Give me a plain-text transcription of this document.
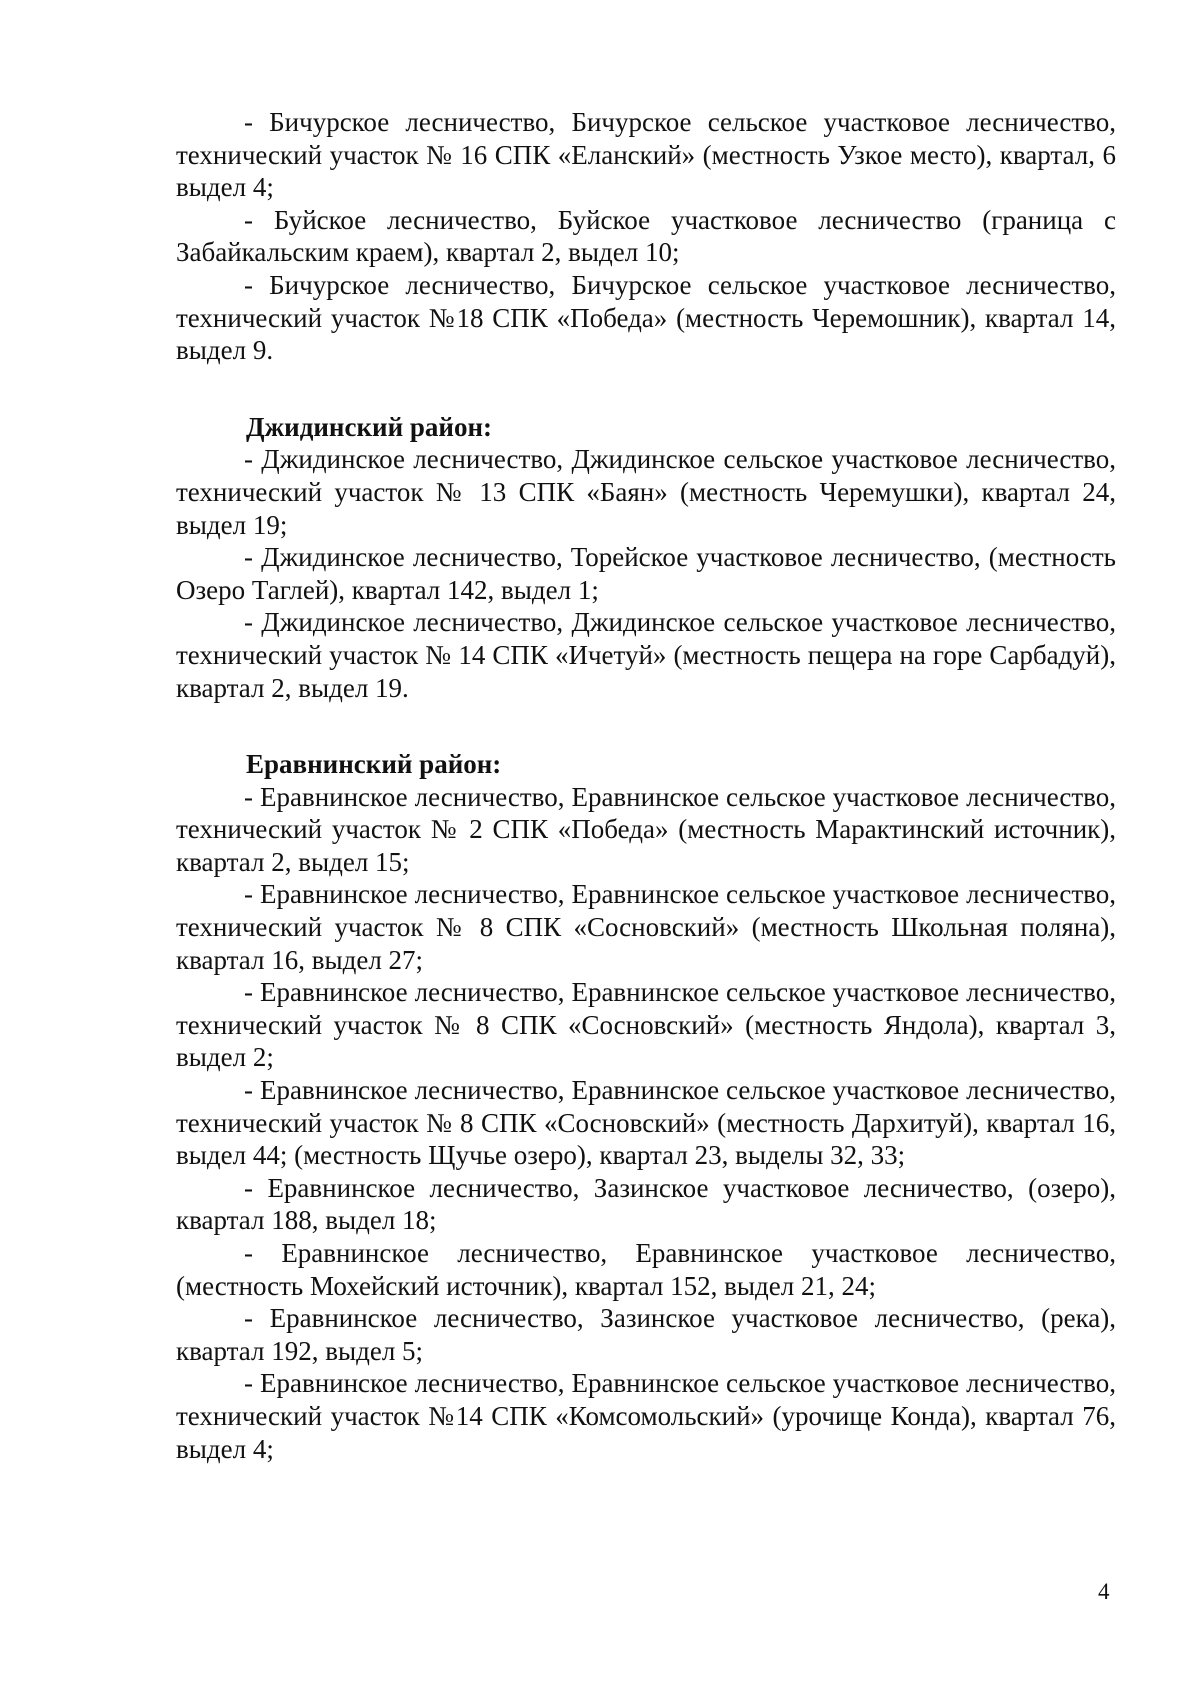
- Бичурское лесничество, Бичурское сельское участковое лесничество, технический участок № 16 СПК «Еланский» (местность Узкое место), квартал, 6 выдел 4;

- Буйское лесничество, Буйское участковое лесничество (граница с Забайкальским краем), квартал 2, выдел 10;

- Бичурское лесничество, Бичурское сельское участковое лесничество, технический участок №18 СПК «Победа» (местность Черемошник), квартал 14, выдел 9.

Джидинский район:

- Джидинское лесничество, Джидинское сельское участковое лесничество, технический участок № 13 СПК «Баян» (местность Черемушки), квартал 24, выдел 19;

- Джидинское лесничество, Торейское участковое лесничество, (местность Озеро Таглей), квартал 142, выдел 1;

- Джидинское лесничество, Джидинское сельское участковое лесничество, технический участок № 14 СПК «Ичетуй» (местность пещера на горе Сарбадуй), квартал 2, выдел 19.

Еравнинский район:

- Еравнинское лесничество, Еравнинское сельское участковое лесничество, технический участок № 2 СПК «Победа» (местность Марактинский источник), квартал 2, выдел 15;

- Еравнинское лесничество, Еравнинское сельское участковое лесничество, технический участок № 8 СПК «Сосновский» (местность Школьная поляна), квартал 16, выдел 27;

- Еравнинское лесничество, Еравнинское сельское участковое лесничество, технический участок № 8 СПК «Сосновский» (местность Яндола), квартал 3, выдел 2;

- Еравнинское лесничество, Еравнинское сельское участковое лесничество, технический участок № 8 СПК «Сосновский» (местность Дархитуй), квартал 16, выдел 44; (местность Щучье озеро), квартал 23, выделы 32, 33;

- Еравнинское лесничество, Зазинское участковое лесничество, (озеро), квартал 188, выдел 18;

- Еравнинское лесничество, Еравнинское участковое лесничество, (местность Мохейский источник), квартал 152, выдел 21, 24;

- Еравнинское лесничество, Зазинское участковое лесничество, (река), квартал 192, выдел 5;

- Еравнинское лесничество, Еравнинское сельское участковое лесничество, технический участок №14 СПК «Комсомольский» (урочище Конда), квартал 76, выдел 4;

4
